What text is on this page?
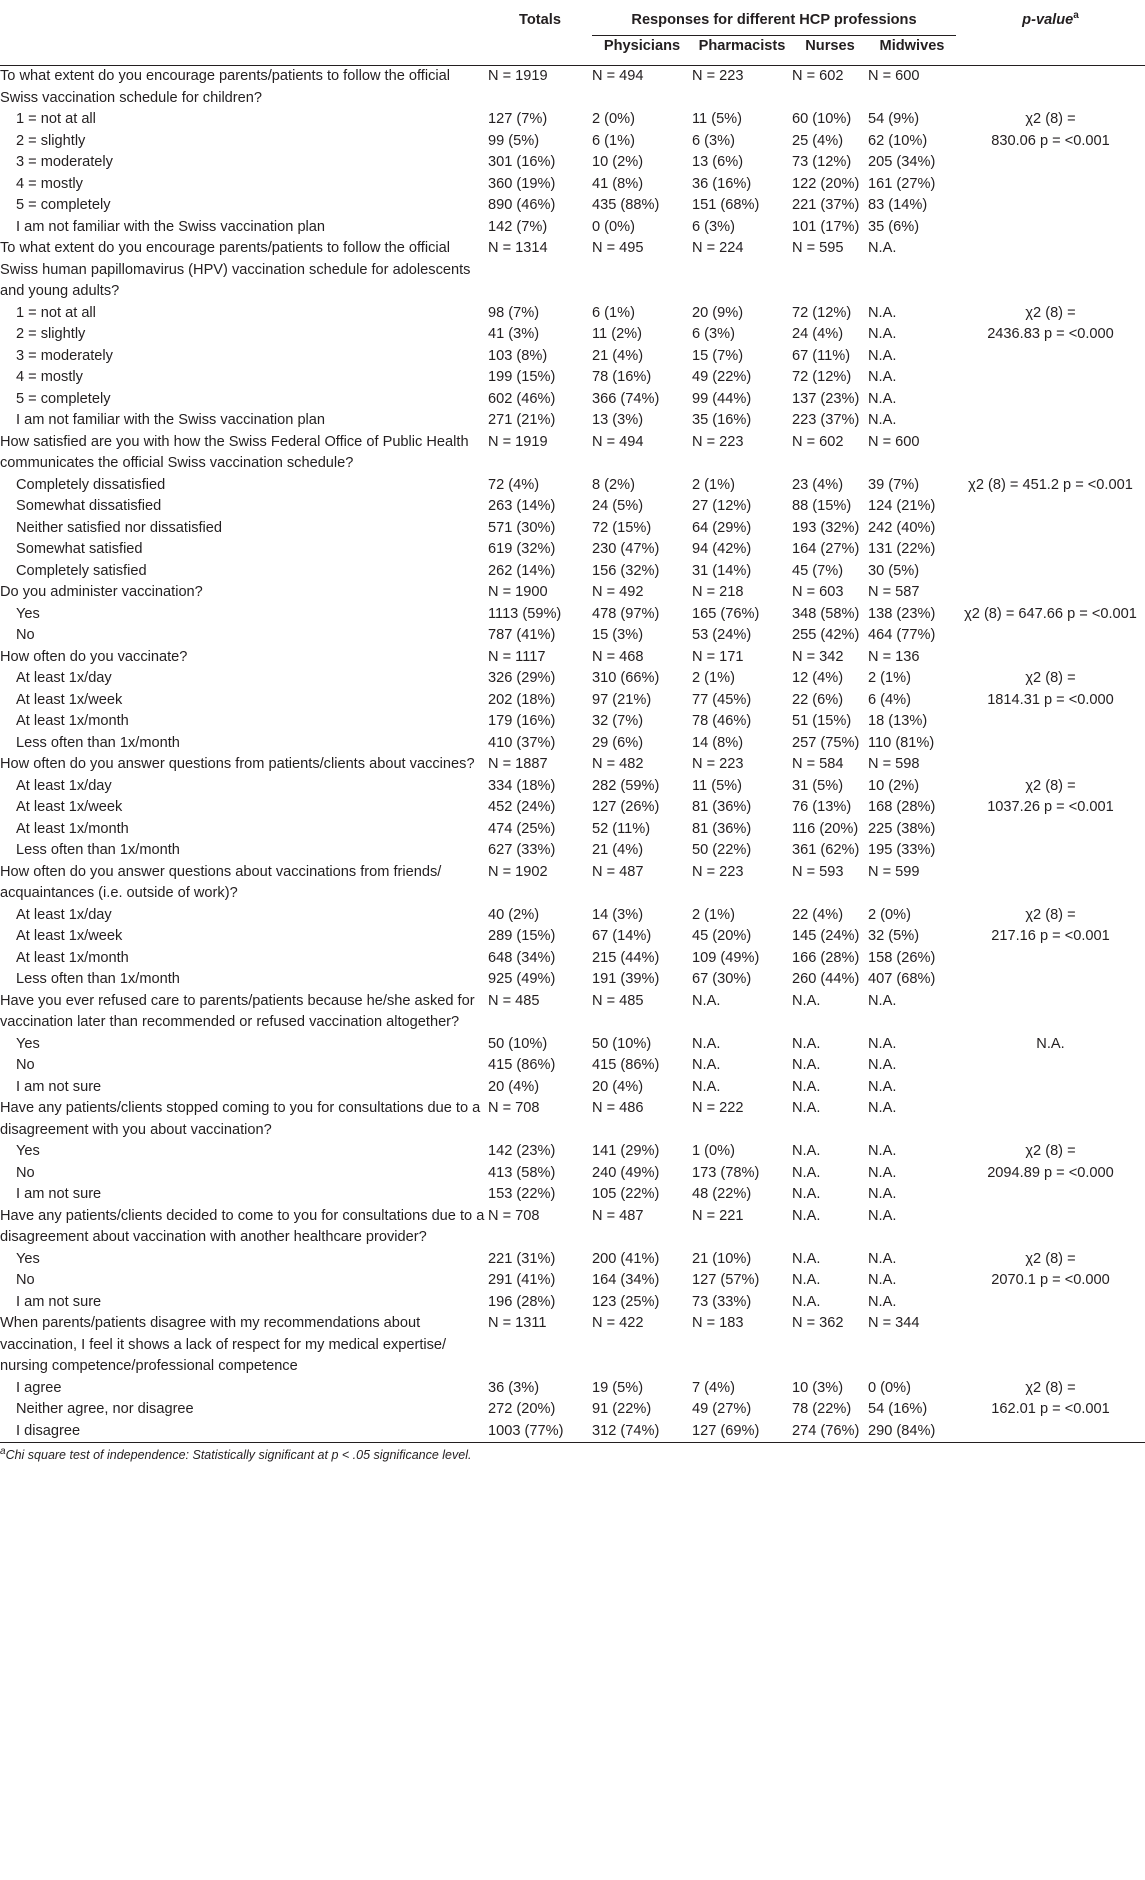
	Totals	Responses for different HCP professions				p-value$^a$
		Physicians	Pharmacists	Nurses	Midwives	
To what extent do you encourage parents/patients to follow the official Swiss vaccination schedule for children?	N = 1919	N = 494	N = 223	N = 602	N = 600	
1 = not at all	127 (7%)	2 (0%)	11 (5%)	60 (10%)	54 (9%)	χ2 (8) =
2 = slightly	99 (5%)	6 (1%)	6 (3%)	25 (4%)	62 (10%)	830.06 p = <0.001
3 = moderately	301 (16%)	10 (2%)	13 (6%)	73 (12%)	205 (34%)	
4 = mostly	360 (19%)	41 (8%)	36 (16%)	122 (20%)	161 (27%)	
5 = completely	890 (46%)	435 (88%)	151 (68%)	221 (37%)	83 (14%)	
I am not familiar with the Swiss vaccination plan	142 (7%)	0 (0%)	6 (3%)	101 (17%)	35 (6%)	
To what extent do you encourage parents/patients to follow the official Swiss human papillomavirus (HPV) vaccination schedule for adolescents and young adults?	N = 1314	N = 495	N = 224	N = 595	N.A.	
1 = not at all	98 (7%)	6 (1%)	20 (9%)	72 (12%)	N.A.	χ2 (8) =
2 = slightly	41 (3%)	11 (2%)	6 (3%)	24 (4%)	N.A.	2436.83 p = <0.000
3 = moderately	103 (8%)	21 (4%)	15 (7%)	67 (11%)	N.A.	
4 = mostly	199 (15%)	78 (16%)	49 (22%)	72 (12%)	N.A.	
5 = completely	602 (46%)	366 (74%)	99 (44%)	137 (23%)	N.A.	
I am not familiar with the Swiss vaccination plan	271 (21%)	13 (3%)	35 (16%)	223 (37%)	N.A.	
How satisfied are you with how the Swiss Federal Office of Public Health communicates the official Swiss vaccination schedule?	N = 1919	N = 494	N = 223	N = 602	N = 600	
Completely dissatisfied	72 (4%)	8 (2%)	2 (1%)	23 (4%)	39 (7%)	χ2 (8) = 451.2 p = <0.001
Somewhat dissatisfied	263 (14%)	24 (5%)	27 (12%)	88 (15%)	124 (21%)	
Neither satisfied nor dissatisfied	571 (30%)	72 (15%)	64 (29%)	193 (32%)	242 (40%)	
Somewhat satisfied	619 (32%)	230 (47%)	94 (42%)	164 (27%)	131 (22%)	
Completely satisfied	262 (14%)	156 (32%)	31 (14%)	45 (7%)	30 (5%)	
Do you administer vaccination?	N = 1900	N = 492	N = 218	N = 603	N = 587	
Yes	1113 (59%)	478 (97%)	165 (76%)	348 (58%)	138 (23%)	χ2 (8) = 647.66 p = <0.001
No	787 (41%)	15 (3%)	53 (24%)	255 (42%)	464 (77%)	
How often do you vaccinate?	N = 1117	N = 468	N = 171	N = 342	N = 136	
At least 1x/day	326 (29%)	310 (66%)	2 (1%)	12 (4%)	2 (1%)	χ2 (8) =
At least 1x/week	202 (18%)	97 (21%)	77 (45%)	22 (6%)	6 (4%)	1814.31 p = <0.000
At least 1x/month	179 (16%)	32 (7%)	78 (46%)	51 (15%)	18 (13%)	
Less often than 1x/month	410 (37%)	29 (6%)	14 (8%)	257 (75%)	110 (81%)	
How often do you answer questions from patients/clients about vaccines?	N = 1887	N = 482	N = 223	N = 584	N = 598	
At least 1x/day	334 (18%)	282 (59%)	11 (5%)	31 (5%)	10 (2%)	χ2 (8) =
At least 1x/week	452 (24%)	127 (26%)	81 (36%)	76 (13%)	168 (28%)	1037.26 p = <0.001
At least 1x/month	474 (25%)	52 (11%)	81 (36%)	116 (20%)	225 (38%)	
Less often than 1x/month	627 (33%)	21 (4%)	50 (22%)	361 (62%)	195 (33%)	
How often do you answer questions about vaccinations from friends/ acquaintances (i.e. outside of work)?	N = 1902	N = 487	N = 223	N = 593	N = 599	
At least 1x/day	40 (2%)	14 (3%)	2 (1%)	22 (4%)	2 (0%)	χ2 (8) =
At least 1x/week	289 (15%)	67 (14%)	45 (20%)	145 (24%)	32 (5%)	217.16 p = <0.001
At least 1x/month	648 (34%)	215 (44%)	109 (49%)	166 (28%)	158 (26%)	
Less often than 1x/month	925 (49%)	191 (39%)	67 (30%)	260 (44%)	407 (68%)	
Have you ever refused care to parents/patients because he/she asked for vaccination later than recommended or refused vaccination altogether?	N = 485	N = 485	N.A.	N.A.	N.A.	
Yes	50 (10%)	50 (10%)	N.A.	N.A.	N.A.	N.A.
No	415 (86%)	415 (86%)	N.A.	N.A.	N.A.	
I am not sure	20 (4%)	20 (4%)	N.A.	N.A.	N.A.	
Have any patients/clients stopped coming to you for consultations due to a disagreement with you about vaccination?	N = 708	N = 486	N = 222	N.A.	N.A.	
Yes	142 (23%)	141 (29%)	1 (0%)	N.A.	N.A.	χ2 (8) =
No	413 (58%)	240 (49%)	173 (78%)	N.A.	N.A.	2094.89 p = <0.000
I am not sure	153 (22%)	105 (22%)	48 (22%)	N.A.	N.A.	
Have any patients/clients decided to come to you for consultations due to a disagreement about vaccination with another healthcare provider?	N = 708	N = 487	N = 221	N.A.	N.A.	
Yes	221 (31%)	200 (41%)	21 (10%)	N.A.	N.A.	χ2 (8) =
No	291 (41%)	164 (34%)	127 (57%)	N.A.	N.A.	2070.1 p = <0.000
I am not sure	196 (28%)	123 (25%)	73 (33%)	N.A.	N.A.	
When parents/patients disagree with my recommendations about vaccination, I feel it shows a lack of respect for my medical expertise/ nursing competence/professional competence	N = 1311	N = 422	N = 183	N = 362	N = 344	
I agree	36 (3%)	19 (5%)	7 (4%)	10 (3%)	0 (0%)	χ2 (8) =
Neither agree, nor disagree	272 (20%)	91 (22%)	49 (27%)	78 (22%)	54 (16%)	162.01 p = <0.001
I disagree	1003 (77%)	312 (74%)	127 (69%)	274 (76%)	290 (84%)	
$^a$Chi square test of independence: Statistically significant at p < .05 significance level.						
